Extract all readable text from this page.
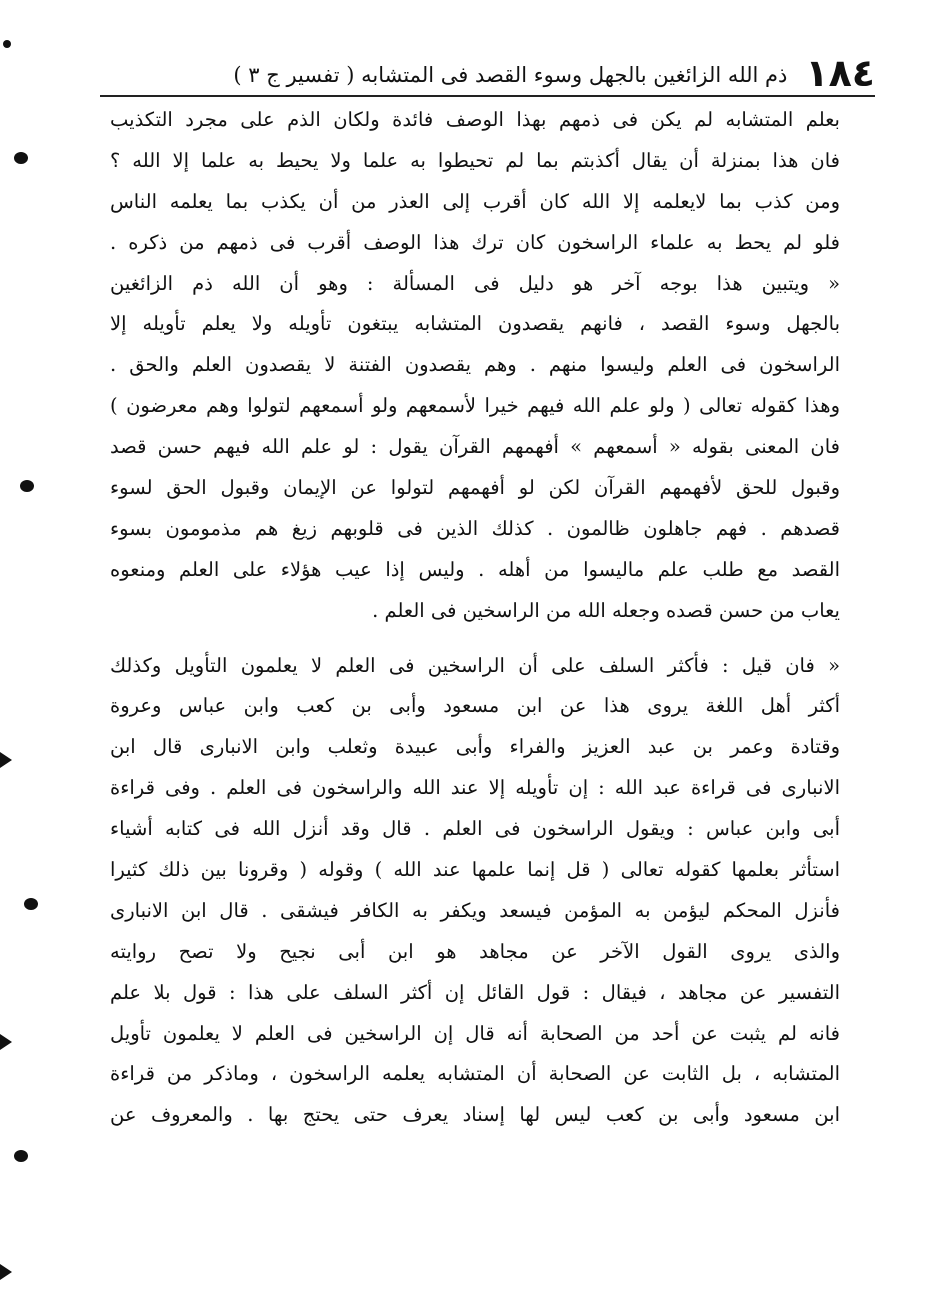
١٨٤
ذم الله الزائغين بالجهل وسوء القصد فى المتشابه ( تفسير ج ٣ )
بعلم المتشابه لم يكن فى ذمهم بهذا الوصف فائدة ولكان الذم على مجرد التكذيب
فان هذا بمنزلة أن يقال أكذبتم بما لم تحيطوا به علما ولا يحيط به علما إلا الله ؟
ومن كذب بما لايعلمه إلا الله كان أقرب إلى العذر من أن يكذب بما يعلمه الناس
فلو لم يحط به علماء الراسخون كان ترك هذا الوصف أقرب فى ذمهم من ذكره .
« ويتبين هذا بوجه آخر هو دليل فى المسألة : وهو أن الله ذم الزائغين
بالجهل وسوء القصد ، فانهم يقصدون المتشابه يبتغون تأويله ولا يعلم تأويله إلا
الراسخون فى العلم وليسوا منهم . وهم يقصدون الفتنة لا يقصدون العلم والحق .
وهذا كقوله تعالى ( ولو علم الله فيهم خيرا لأسمعهم ولو أسمعهم لتولوا وهم معرضون )
فان المعنى بقوله « أسمعهم » أفهمهم القرآن يقول : لو علم الله فيهم حسن قصد
وقبول للحق لأفهمهم القرآن لكن لو أفهمهم لتولوا عن الإيمان وقبول الحق لسوء
قصدهم . فهم جاهلون ظالمون . كذلك الذين فى قلوبهم زيغ هم مذمومون بسوء
القصد مع طلب علم ماليسوا من أهله . وليس إذا عيب هؤلاء على العلم ومنعوه
يعاب من حسن قصده وجعله الله من الراسخين فى العلم .
« فان قيل : فأكثر السلف على أن الراسخين فى العلم لا يعلمون التأويل وكذلك
أكثر أهل اللغة يروى هذا عن ابن مسعود وأبى بن كعب وابن عباس وعروة
وقتادة وعمر بن عبد العزيز والفراء وأبى عبيدة وثعلب وابن الانبارى قال ابن
الانبارى فى قراءة عبد الله : إن تأويله إلا عند الله والراسخون فى العلم . وفى قراءة
أبى وابن عباس : ويقول الراسخون فى العلم . قال وقد أنزل الله فى كتابه أشياء
استأثر بعلمها كقوله تعالى ( قل إنما علمها عند الله ) وقوله ( وقرونا بين ذلك كثيرا
فأنزل المحكم ليؤمن به المؤمن فيسعد ويكفر به الكافر فيشقى . قال ابن الانبارى
والذى يروى القول الآخر عن مجاهد هو ابن أبى نجيح ولا تصح روايته
التفسير عن مجاهد ، فيقال : قول القائل إن أكثر السلف على هذا : قول بلا علم
فانه لم يثبت عن أحد من الصحابة أنه قال إن الراسخين فى العلم لا يعلمون تأويل
المتشابه ، بل الثابت عن الصحابة أن المتشابه يعلمه الراسخون ، وماذكر من قراءة
ابن مسعود وأبى بن كعب ليس لها إسناد يعرف حتى يحتج بها . والمعروف عن
